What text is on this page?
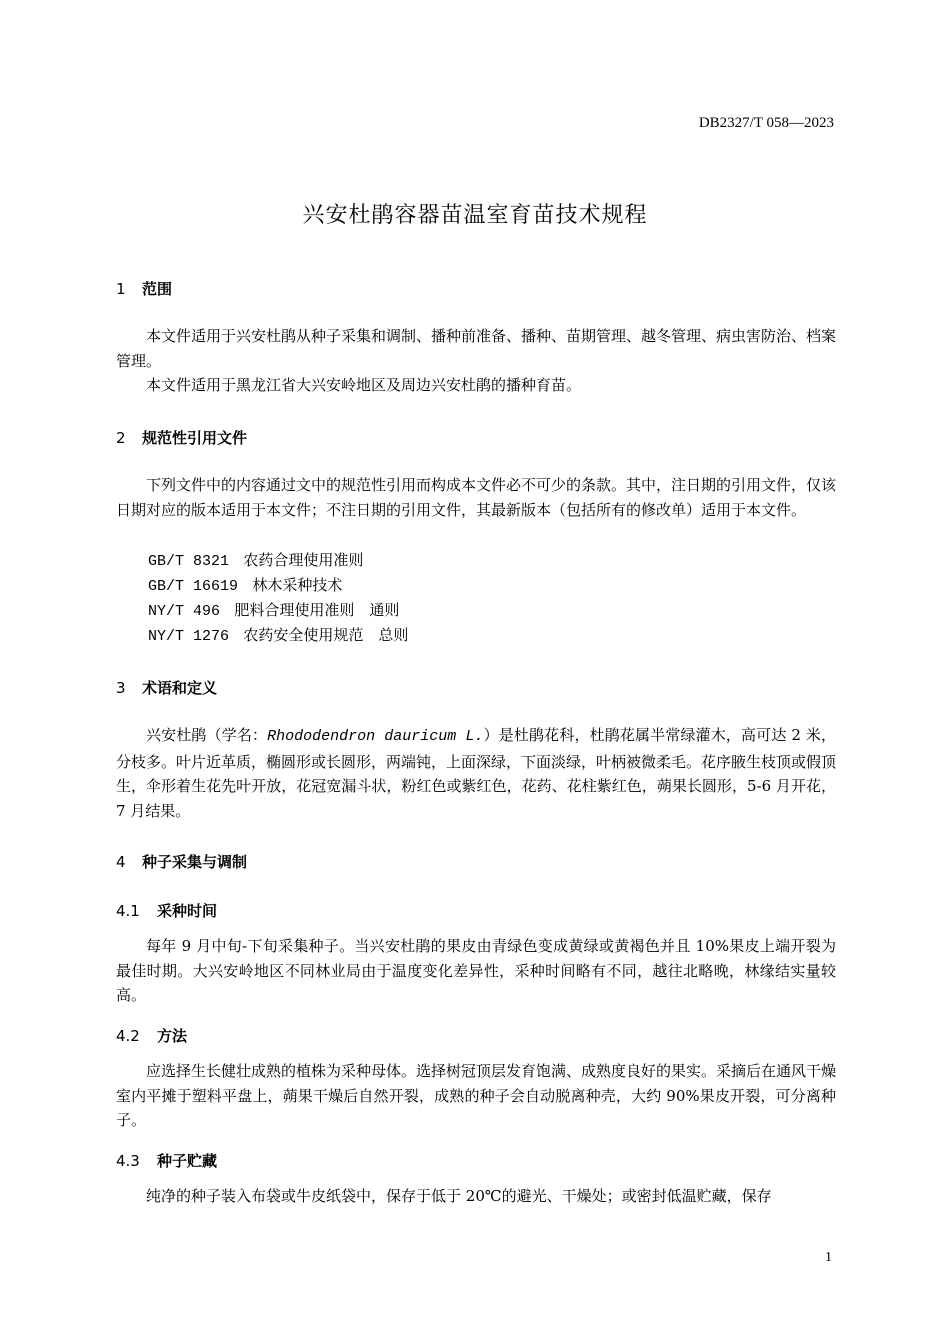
DB2327/T 058—2023
兴安杜鹃容器苗温室育苗技术规程
1 范围

本文件适用于兴安杜鹃从种子采集和调制、播种前准备、播种、苗期管理、越冬管理、病虫害防治、档案管理。

本文件适用于黑龙江省大兴安岭地区及周边兴安杜鹃的播种育苗。

2 规范性引用文件

下列文件中的内容通过文中的规范性引用而构成本文件必不可少的条款。其中，注日期的引用文件，仅该日期对应的版本适用于本文件；不注日期的引用文件，其最新版本（包括所有的修改单）适用于本文件。

GB/T 8321 农药合理使用准则
GB/T 16619 林木采种技术
NY/T 496 肥料合理使用准则　通则
NY/T 1276 农药安全使用规范　总则
3 术语和定义

兴安杜鹃（学名：Rhododendron dauricum L.）是杜鹃花科，杜鹃花属半常绿灌木，高可达 2 米，分枝多。叶片近革质，椭圆形或长圆形，两端钝，上面深绿，下面淡绿，叶柄被微柔毛。花序腋生枝顶或假顶生，伞形着生花先叶开放，花冠宽漏斗状，粉红色或紫红色，花药、花柱紫红色，蒴果长圆形，5-6 月开花，7 月结果。

4 种子采集与调制
4.1 采种时间

每年 9 月中旬-下旬采集种子。当兴安杜鹃的果皮由青绿色变成黄绿或黄褐色并且 10%果皮上端开裂为最佳时期。大兴安岭地区不同林业局由于温度变化差异性，采种时间略有不同，越往北略晚，林缘结实量较高。

4.2 方法

应选择生长健壮成熟的植株为采种母体。选择树冠顶层发育饱满、成熟度良好的果实。采摘后在通风干燥室内平摊于塑料平盘上，蒴果干燥后自然开裂，成熟的种子会自动脱离种壳，大约 90%果皮开裂，可分离种子。

4.3 种子贮藏

纯净的种子装入布袋或牛皮纸袋中，保存于低于 20℃的避光、干燥处；或密封低温贮藏，保存

1
